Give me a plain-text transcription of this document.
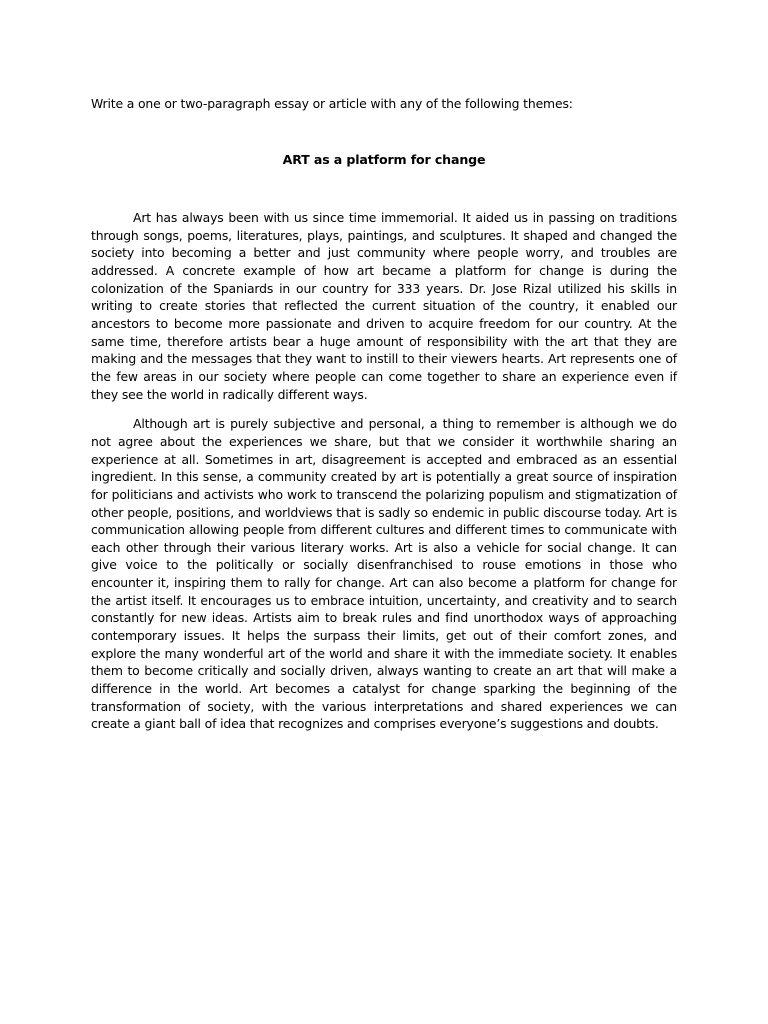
Write a one or two-paragraph essay or article with any of the following themes:

ART as a platform for change

Art has always been with us since time immemorial. It aided us in passing on traditions through songs, poems, literatures, plays, paintings, and sculptures. It shaped and changed the society into becoming a better and just community where people worry, and troubles are addressed. A concrete example of how art became a platform for change is during the colonization of the Spaniards in our country for 333 years. Dr. Jose Rizal utilized his skills in writing to create stories that reflected the current situation of the country, it enabled our ancestors to become more passionate and driven to acquire freedom for our country. At the same time, therefore artists bear a huge amount of responsibility with the art that they are making and the messages that they want to instill to their viewers hearts. Art represents one of the few areas in our society where people can come together to share an experience even if they see the world in radically different ways.

Although art is purely subjective and personal, a thing to remember is although we do not agree about the experiences we share, but that we consider it worthwhile sharing an experience at all. Sometimes in art, disagreement is accepted and embraced as an essential ingredient. In this sense, a community created by art is potentially a great source of inspiration for politicians and activists who work to transcend the polarizing populism and stigmatization of other people, positions, and worldviews that is sadly so endemic in public discourse today. Art is communication allowing people from different cultures and different times to communicate with each other through their various literary works. Art is also a vehicle for social change. It can give voice to the politically or socially disenfranchised to rouse emotions in those who encounter it, inspiring them to rally for change. Art can also become a platform for change for the artist itself. It encourages us to embrace intuition, uncertainty, and creativity and to search constantly for new ideas. Artists aim to break rules and find unorthodox ways of approaching contemporary issues. It helps the surpass their limits, get out of their comfort zones, and explore the many wonderful art of the world and share it with the immediate society. It enables them to become critically and socially driven, always wanting to create an art that will make a difference in the world. Art becomes a catalyst for change sparking the beginning of the transformation of society, with the various interpretations and shared experiences we can create a giant ball of idea that recognizes and comprises everyone’s suggestions and doubts.
